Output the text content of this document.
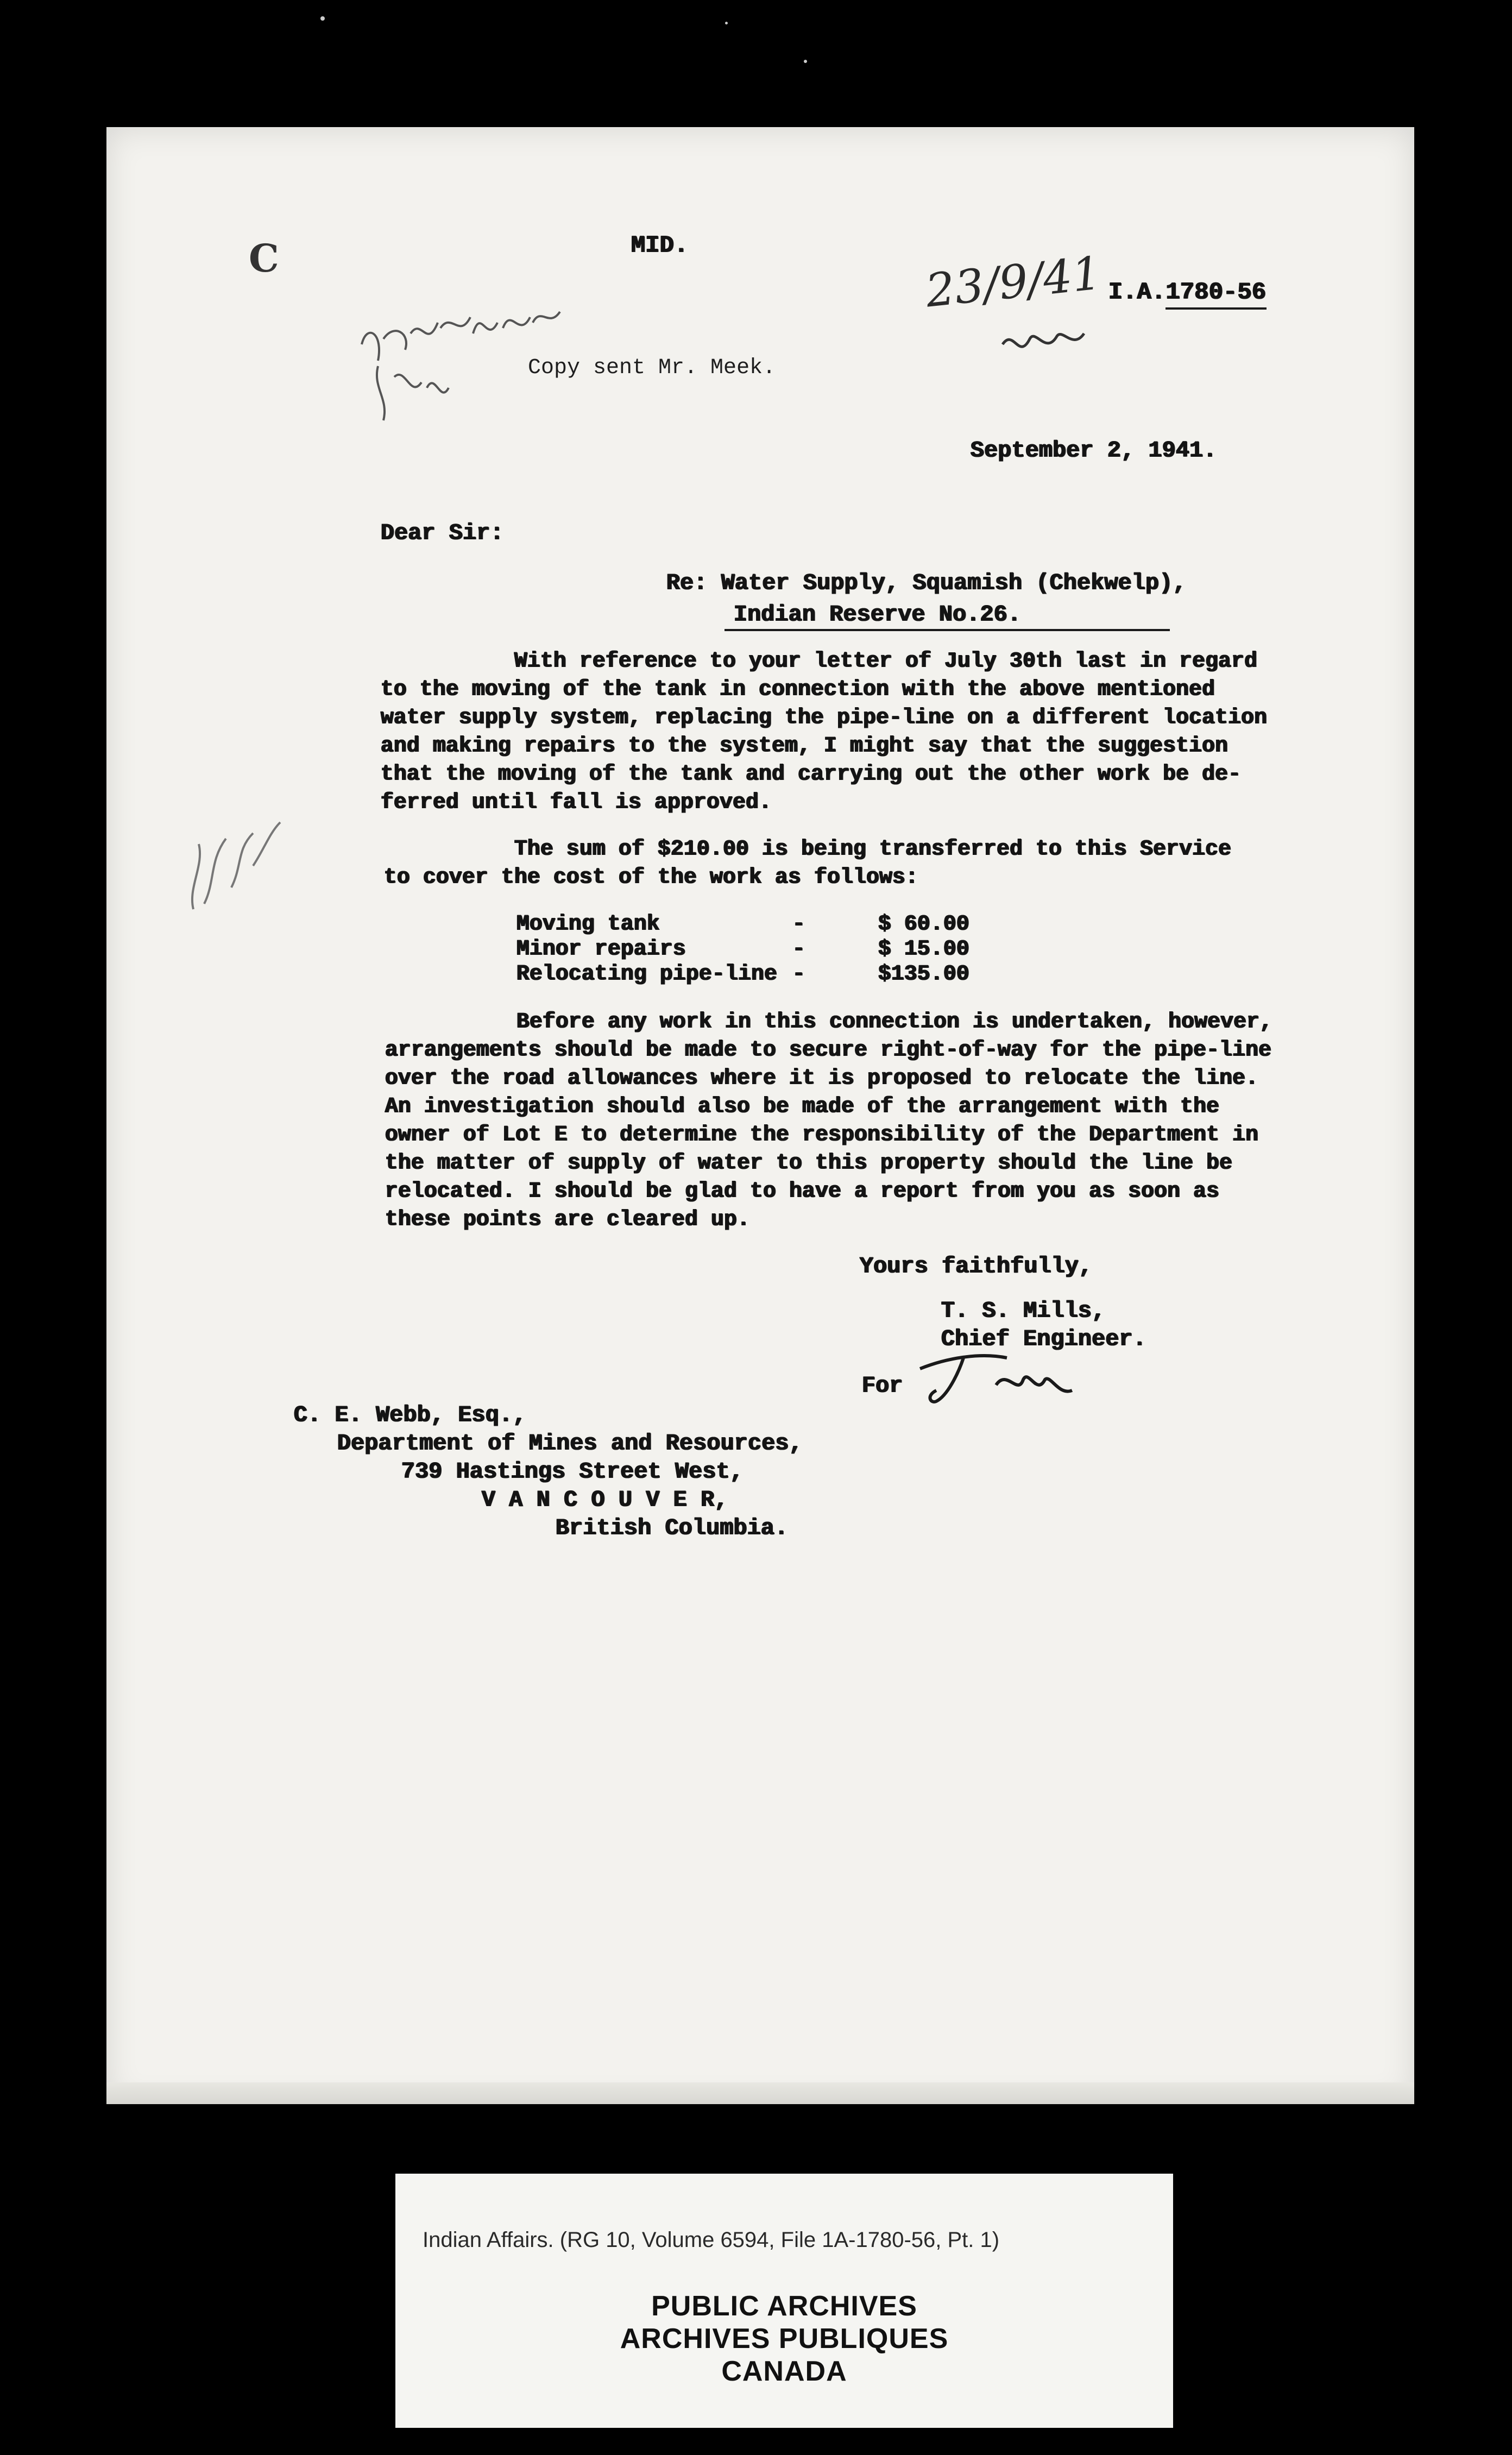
C	MID.
Copy sent Mr. Meek.
23/9/41 I.A.1780-56
September 2, 1941.
Dear Sir:
Re: Water Supply, Squamish (Chekwelp),
Indian Reserve No.26.
With reference to your letter of July 30th last in regard
to the moving of the tank in connection with the above mentioned
water supply system, replacing the pipe-line on a different location
and making repairs to the system, I might say that the suggestion
that the moving of the tank and carrying out the other work be de-
ferred until fall is approved.
The sum of $210.00 is being transferred to this Service
to cover the cost of the work as follows:
Moving tank	-	$ 60.00
Minor repairs	-	$ 15.00
Relocating pipe-line -	$135.00
Before any work in this connection is undertaken, however,
arrangements should be made to secure right-of-way for the pipe-line
over the road allowances where it is proposed to relocate the line.
An investigation should also be made of the arrangement with the
owner of Lot E to determine the responsibility of the Department in
the matter of supply of water to this property should the line be
relocated. I should be glad to have a report from you as soon as
these points are cleared up.
Yours faithfully,
T. S. Mills,
Chief Engineer.
For
C. E. Webb, Esq.,
Department of Mines and Resources,
739 Hastings Street West,
V A N C O U V E R,
British Columbia.
Indian Affairs. (RG 10, Volume 6594, File 1A-1780-56, Pt. 1)
PUBLIC ARCHIVES
ARCHIVES PUBLIQUES
CANADA
